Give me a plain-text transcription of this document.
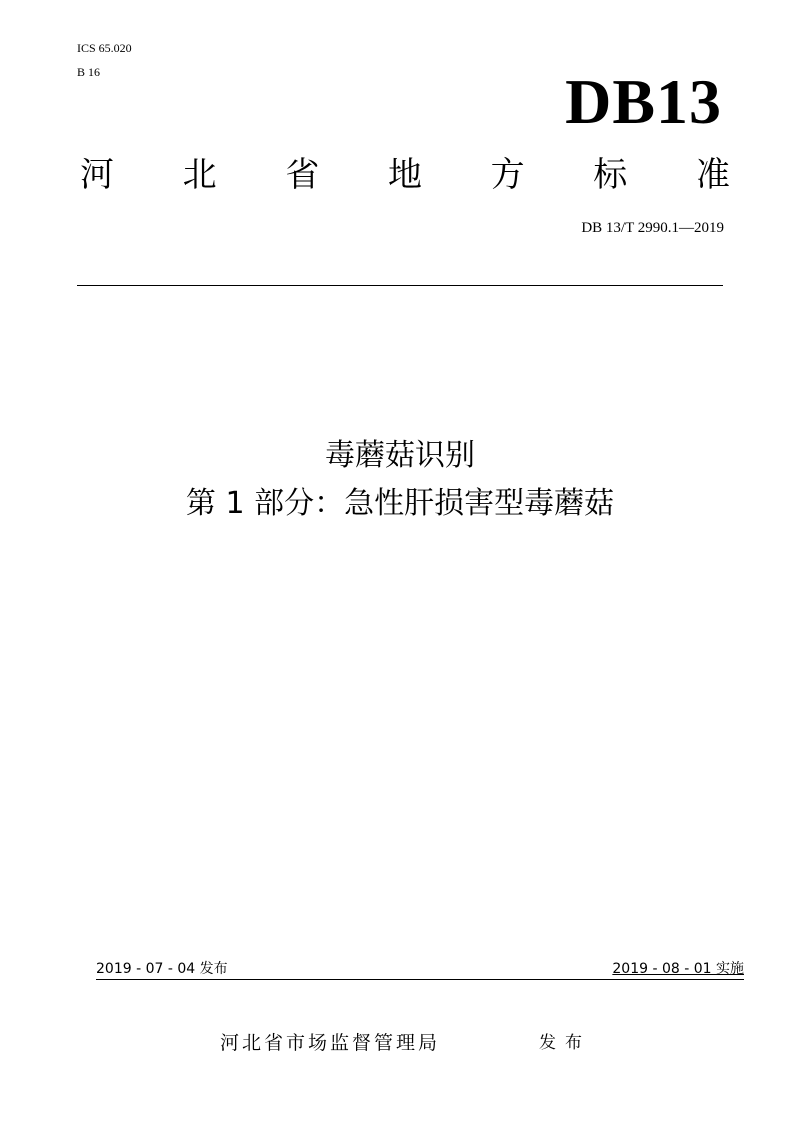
ICS 65.020
B 16	DB13
河 北 省 地 方 标 准
DB 13/T 2990.1—2019
毒蘑菇识别
第 1 部分：急性肝损害型毒蘑菇
2019 - 07 - 04 发布	2019 - 08 - 01 实施
河北省市场监督管理局	发布
